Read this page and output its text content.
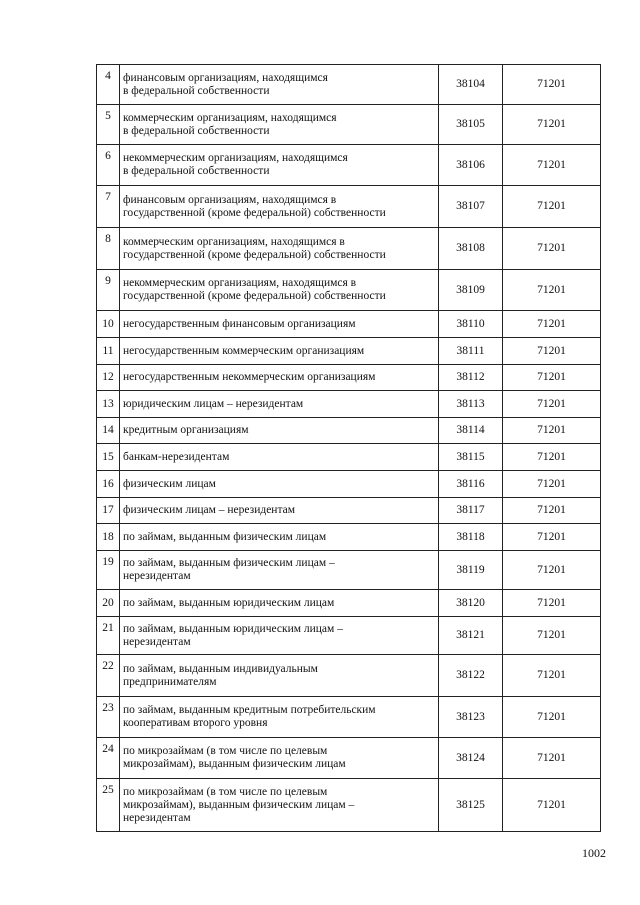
4	финансовым организациям, находящимся
в федеральной собственности	38104	71201
5	коммерческим организациям, находящимся
в федеральной собственности	38105	71201
6	некоммерческим организациям, находящимся
в федеральной собственности	38106	71201
7	финансовым организациям, находящимся в
государственной (кроме федеральной) собственности	38107	71201
8	коммерческим организациям, находящимся в
государственной (кроме федеральной) собственности	38108	71201
9	некоммерческим организациям, находящимся в
государственной (кроме федеральной) собственности	38109	71201
10	негосударственным финансовым организациям	38110	71201
11	негосударственным коммерческим организациям	38111	71201
12	негосударственным некоммерческим организациям	38112	71201
13	юридическим лицам – нерезидентам	38113	71201
14	кредитным организациям	38114	71201
15	банкам-нерезидентам	38115	71201
16	физическим лицам	38116	71201
17	физическим лицам – нерезидентам	38117	71201
18	по займам, выданным физическим лицам	38118	71201
19	по займам, выданным физическим лицам –
нерезидентам	38119	71201
20	по займам, выданным юридическим лицам	38120	71201
21	по займам, выданным юридическим лицам –
нерезидентам	38121	71201
22	по займам, выданным индивидуальным
предпринимателям	38122	71201
23	по займам, выданным кредитным потребительским
кооперативам второго уровня	38123	71201
24	по микрозаймам (в том числе по целевым
микрозаймам), выданным физическим лицам	38124	71201
25	по микрозаймам (в том числе по целевым
микрозаймам), выданным физическим лицам –
нерезидентам	38125	71201
1002
